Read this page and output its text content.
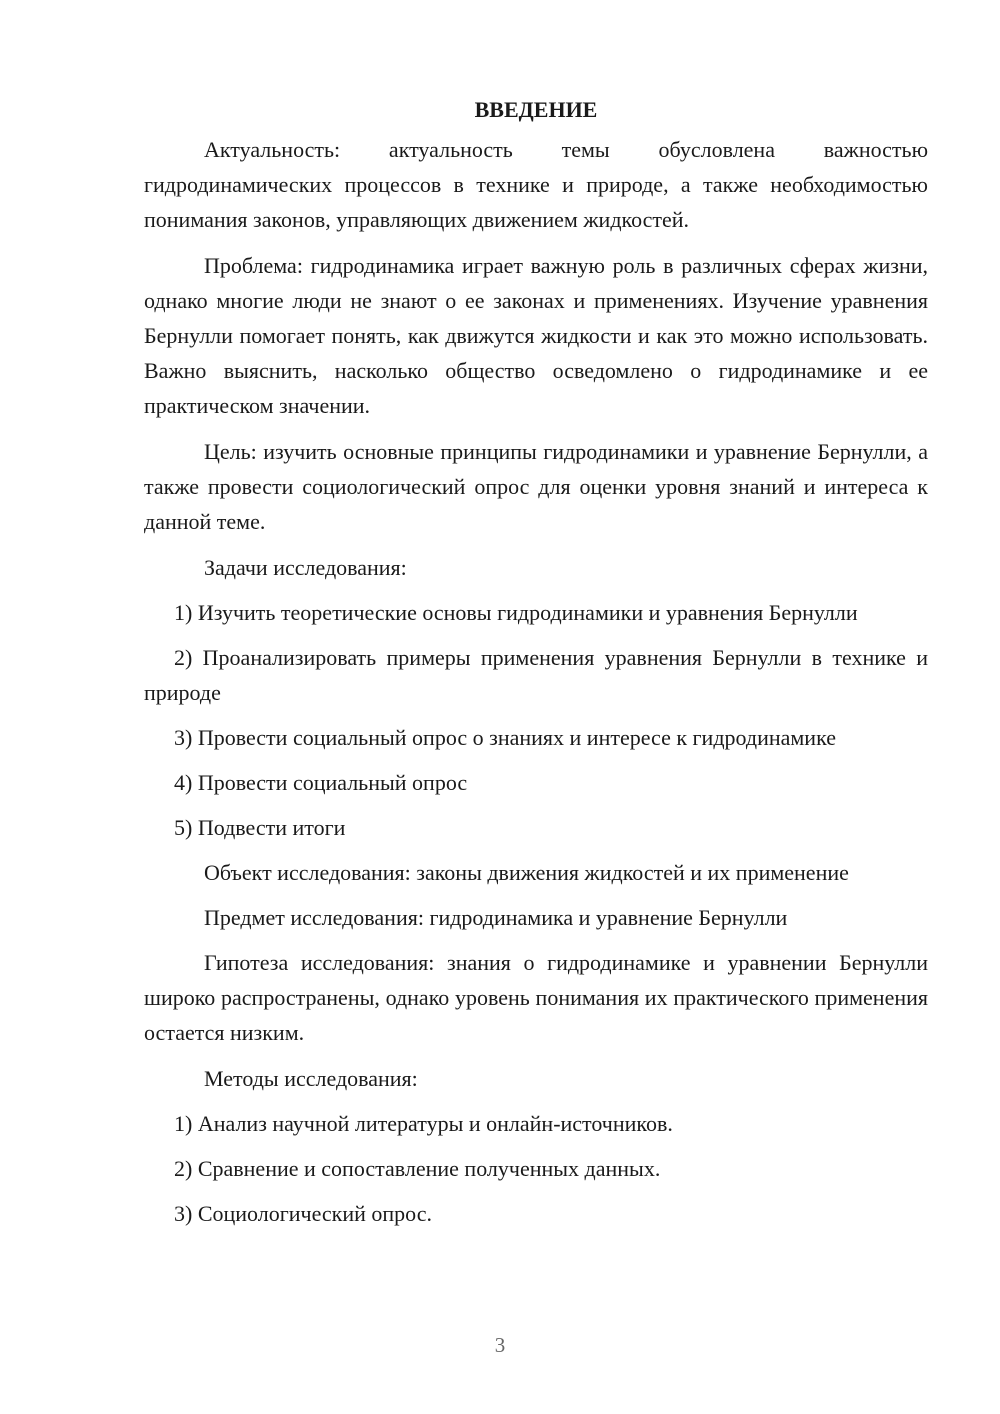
ВВЕДЕНИЕ

Актуальность: актуальность темы обусловлена важностью гидродинамических процессов в технике и природе, а также необходимостью понимания законов, управляющих движением жидкостей.

Проблема: гидродинамика играет важную роль в различных сферах жизни, однако многие люди не знают о ее законах и применениях. Изучение уравнения Бернулли помогает понять, как движутся жидкости и как это можно использовать. Важно выяснить, насколько общество осведомлено о гидродинамике и ее практическом значении.

Цель: изучить основные принципы гидродинамики и уравнение Бернулли, а также провести социологический опрос для оценки уровня знаний и интереса к данной теме.

Задачи исследования:

1) Изучить теоретические основы гидродинамики и уравнения Бернулли

2) Проанализировать примеры применения уравнения Бернулли в технике и природе

3) Провести социальный опрос о знаниях и интересе к гидродинамике

4) Провести социальный опрос

5) Подвести итоги

Объект исследования: законы движения жидкостей и их применение

Предмет исследования: гидродинамика и уравнение Бернулли

Гипотеза исследования: знания о гидродинамике и уравнении Бернулли широко распространены, однако уровень понимания их практического применения остается низким.

Методы исследования:

1) Анализ научной литературы и онлайн-источников.

2) Сравнение и сопоставление полученных данных.

3) Социологический опрос.

3
